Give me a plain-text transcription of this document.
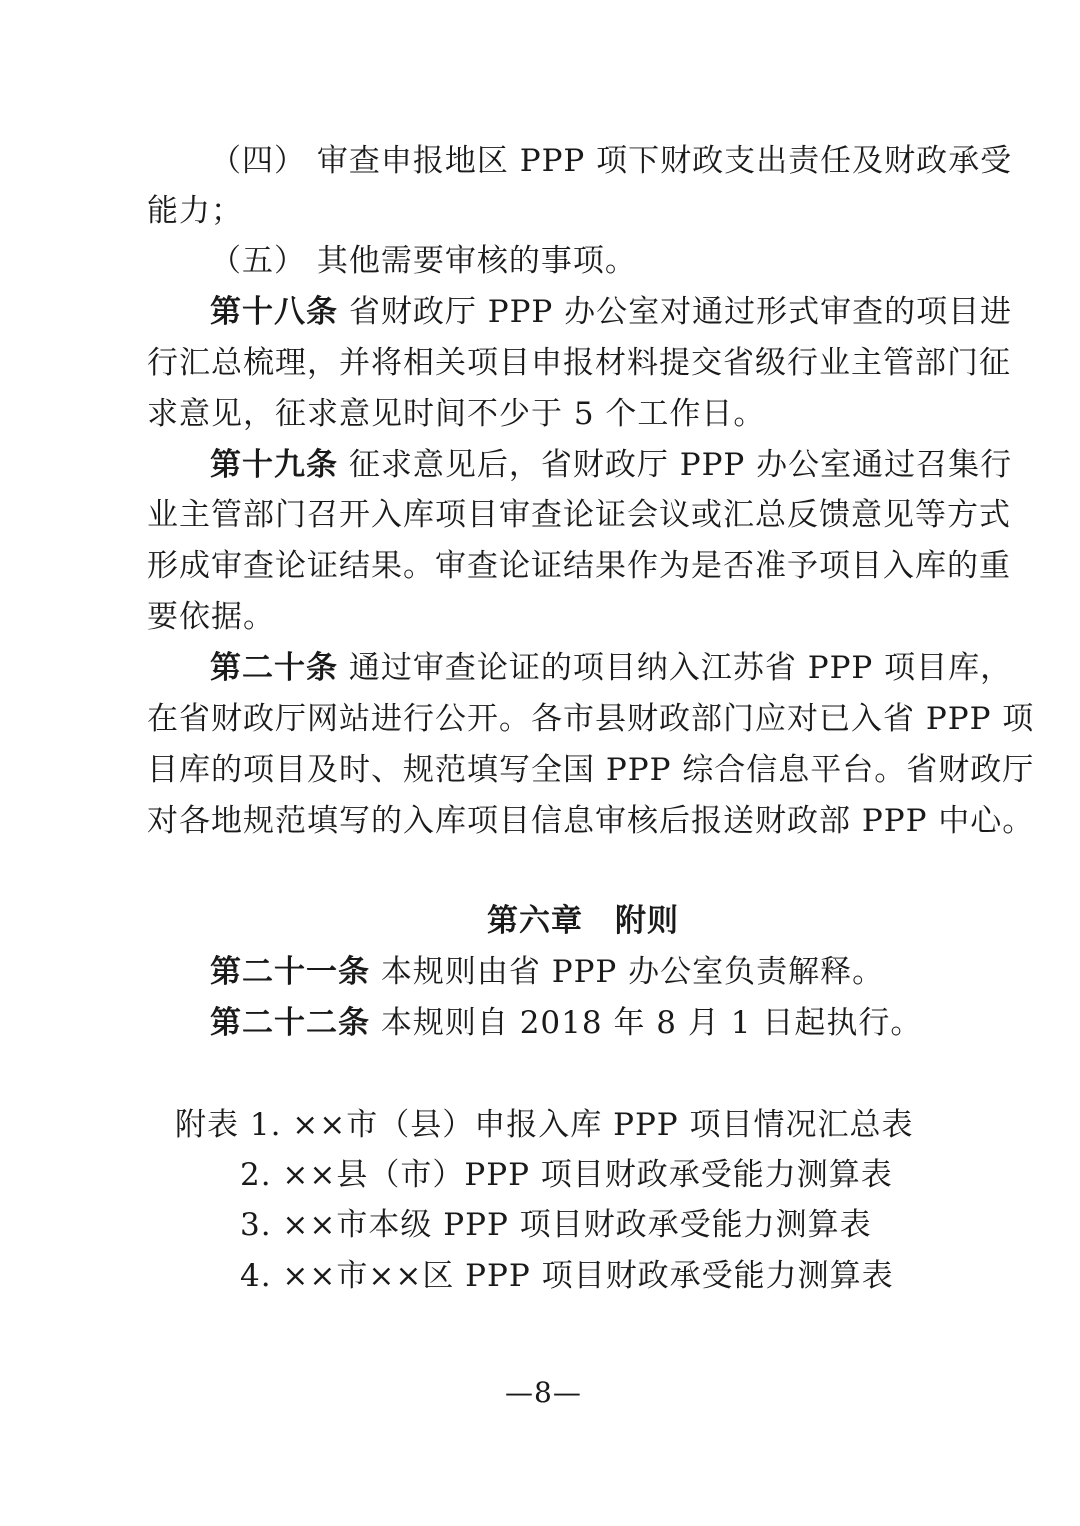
（四） 审查申报地区 PPP 项下财政支出责任及财政承受

能力；

（五） 其他需要审核的事项。

第十八条 省财政厅 PPP 办公室对通过形式审查的项目进

行汇总梳理，并将相关项目申报材料提交省级行业主管部门征

求意见，征求意见时间不少于 5 个工作日。

第十九条 征求意见后，省财政厅 PPP 办公室通过召集行

业主管部门召开入库项目审查论证会议或汇总反馈意见等方式

形成审查论证结果。审查论证结果作为是否准予项目入库的重

要依据。

第二十条 通过审查论证的项目纳入江苏省 PPP 项目库，

在省财政厅网站进行公开。各市县财政部门应对已入省 PPP 项

目库的项目及时、规范填写全国 PPP 综合信息平台。省财政厅

对各地规范填写的入库项目信息审核后报送财政部 PPP 中心。

第六章　附则

第二十一条 本规则由省 PPP 办公室负责解释。

第二十二条 本规则自 2018 年 8 月 1 日起执行。

附表 1. ××市（县）申报入库 PPP 项目情况汇总表

2. ××县（市）PPP 项目财政承受能力测算表

3. ××市本级 PPP 项目财政承受能力测算表

4. ××市××区 PPP 项目财政承受能力测算表

—8—
